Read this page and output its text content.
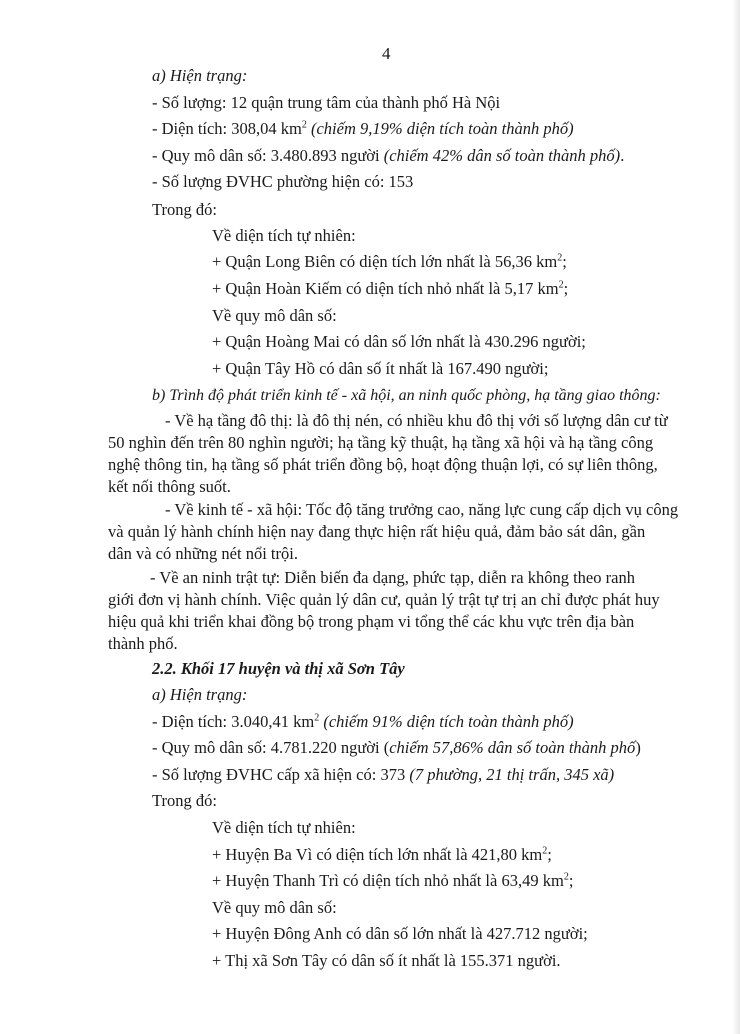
4
a) Hiện trạng:
- Số lượng: 12 quận trung tâm của thành phố Hà Nội
- Diện tích: 308,04 $km^2$ (chiếm 9,19% diện tích toàn thành phố)
- Quy mô dân số: 3.480.893 người (chiếm 42% dân số toàn thành phố).
- Số lượng ĐVHC phường hiện có: 153
Trong đó:
Về diện tích tự nhiên:
+ Quận Long Biên có diện tích lớn nhất là 56,36 $km^2$;
+ Quận Hoàn Kiếm có diện tích nhỏ nhất là 5,17 $km^2$;
Về quy mô dân số:
+ Quận Hoàng Mai có dân số lớn nhất là 430.296 người;
+ Quận Tây Hồ có dân số ít nhất là 167.490 người;
b) Trình độ phát triển kinh tế - xã hội, an ninh quốc phòng, hạ tầng giao thông:
- Về hạ tầng đô thị: là đô thị nén, có nhiều khu đô thị với số lượng dân cư từ
50 nghìn đến trên 80 nghìn người; hạ tầng kỹ thuật, hạ tầng xã hội và hạ tầng công
nghệ thông tin, hạ tầng số phát triển đồng bộ, hoạt động thuận lợi, có sự liên thông,
kết nối thông suốt.
- Về kinh tế - xã hội: Tốc độ tăng trưởng cao, năng lực cung cấp dịch vụ công
và quản lý hành chính hiện nay đang thực hiện rất hiệu quả, đảm bảo sát dân, gần
dân và có những nét nổi trội.
- Về an ninh trật tự: Diễn biến đa dạng, phức tạp, diễn ra không theo ranh
giới đơn vị hành chính. Việc quản lý dân cư, quản lý trật tự trị an chỉ được phát huy
hiệu quả khi triển khai đồng bộ trong phạm vi tổng thể các khu vực trên địa bàn
thành phố.
2.2. Khối 17 huyện và thị xã Sơn Tây
a) Hiện trạng:
- Diện tích: 3.040,41 $km^2$ (chiếm 91% diện tích toàn thành phố)
- Quy mô dân số: 4.781.220 người (chiếm 57,86% dân số toàn thành phố)
- Số lượng ĐVHC cấp xã hiện có: 373 (7 phường, 21 thị trấn, 345 xã)
Trong đó:
Về diện tích tự nhiên:
+ Huyện Ba Vì có diện tích lớn nhất là 421,80 $km^2$;
+ Huyện Thanh Trì có diện tích nhỏ nhất là 63,49 $km^2$;
Về quy mô dân số:
+ Huyện Đông Anh có dân số lớn nhất là 427.712 người;
+ Thị xã Sơn Tây có dân số ít nhất là 155.371 người.
